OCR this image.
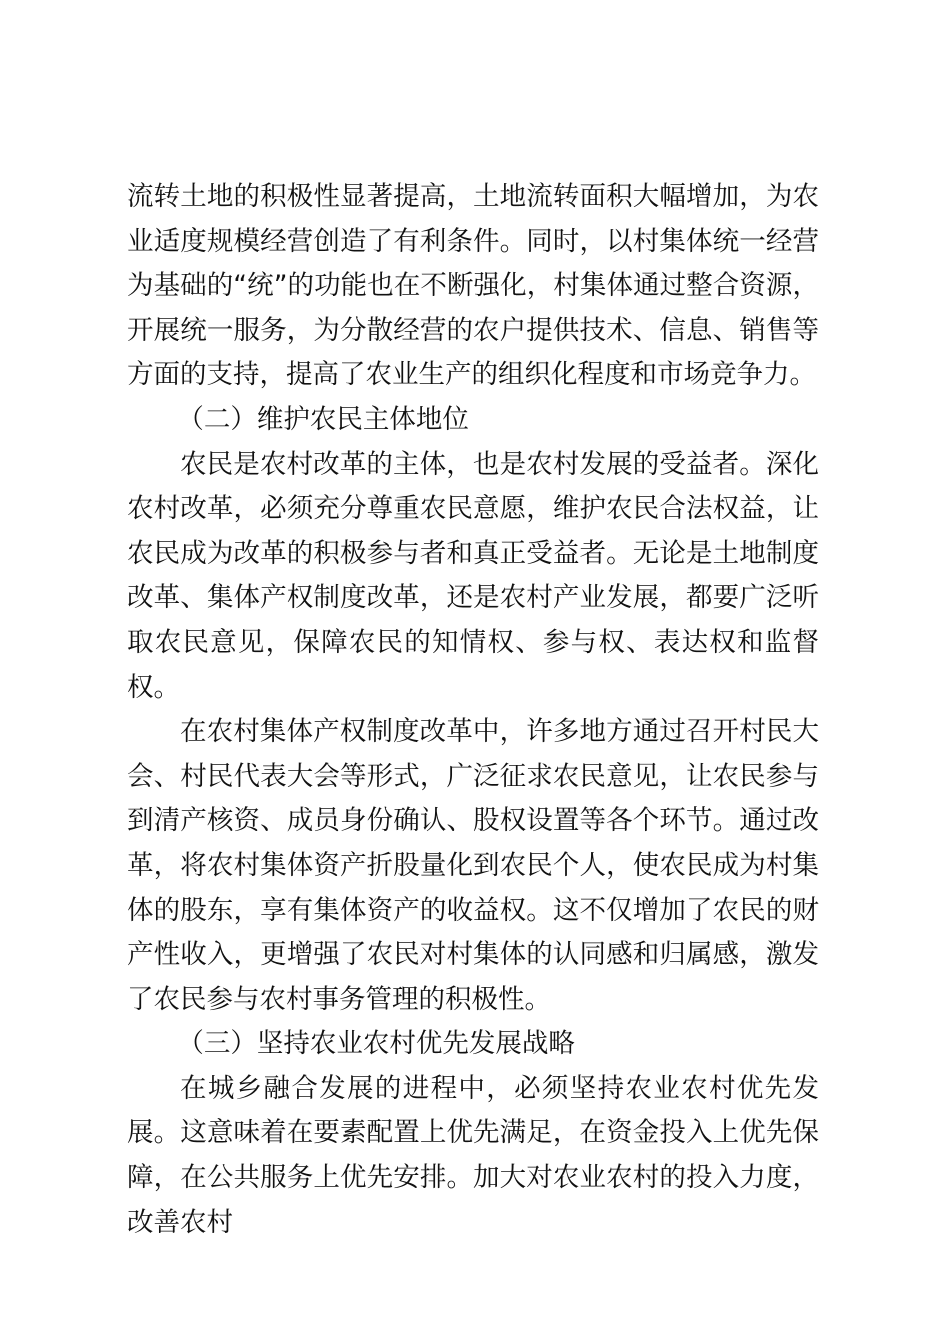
流转土地的积极性显著提高，土地流转面积大幅增加，为农业适度规模经营创造了有利条件。同时，以村集体统一经营为基础的“统”的功能也在不断强化，村集体通过整合资源，开展统一服务，为分散经营的农户提供技术、信息、销售等方面的支持，提高了农业生产的组织化程度和市场竞争力。

（二）维护农民主体地位

农民是农村改革的主体，也是农村发展的受益者。深化农村改革，必须充分尊重农民意愿，维护农民合法权益，让农民成为改革的积极参与者和真正受益者。无论是土地制度改革、集体产权制度改革，还是农村产业发展，都要广泛听取农民意见，保障农民的知情权、参与权、表达权和监督权。

在农村集体产权制度改革中，许多地方通过召开村民大会、村民代表大会等形式，广泛征求农民意见，让农民参与到清产核资、成员身份确认、股权设置等各个环节。通过改革，将农村集体资产折股量化到农民个人，使农民成为村集体的股东，享有集体资产的收益权。这不仅增加了农民的财产性收入，更增强了农民对村集体的认同感和归属感，激发了农民参与农村事务管理的积极性。

（三）坚持农业农村优先发展战略

在城乡融合发展的进程中，必须坚持农业农村优先发展。这意味着在要素配置上优先满足，在资金投入上优先保障，在公共服务上优先安排。加大对农业农村的投入力度，改善农村
